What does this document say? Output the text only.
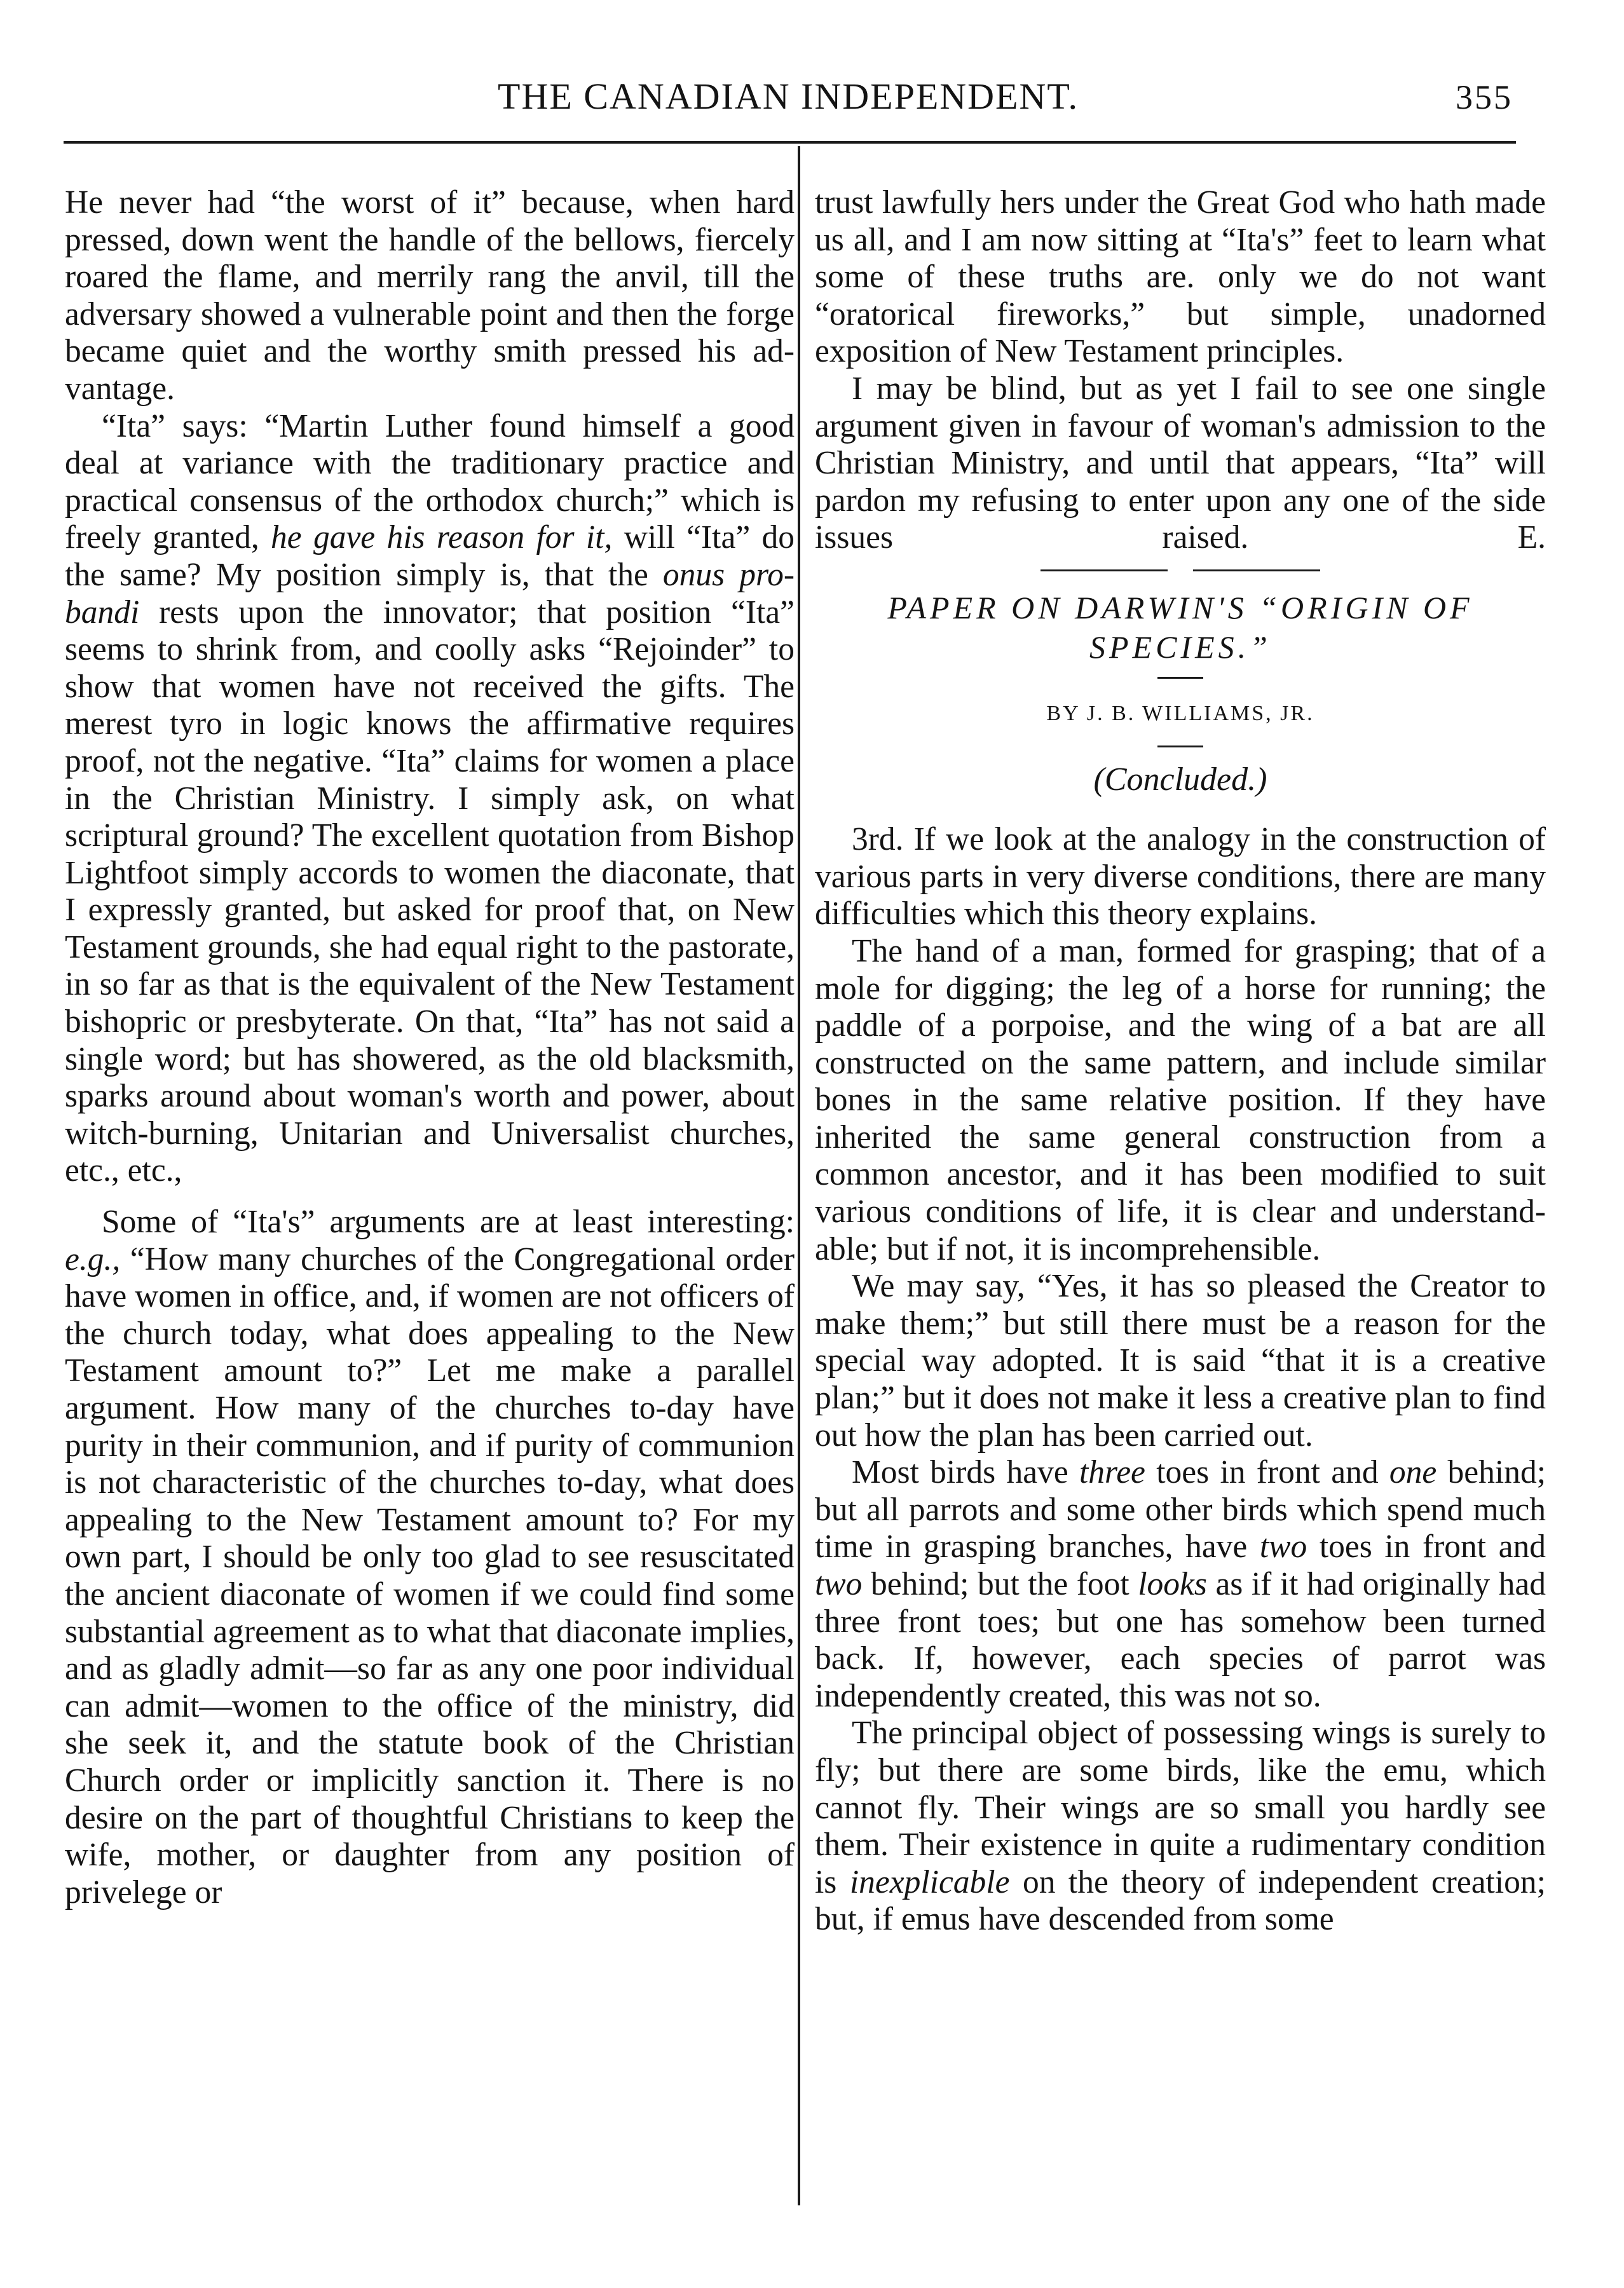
THE CANADIAN INDEPENDENT.	355

He never had “the worst of it” because, when hard pressed, down went the handle of the bellows, fiercely roared the flame, and merrily rang the anvil, till the adversary showed a vulnerable point and then the forge became quiet and the worthy smith pressed his advantage.

“Ita” says: “Martin Luther found himself a good deal at variance with the traditionary practice and practical consensus of the orthodox church;” which is freely granted, he gave his reason for it, will “Ita” do the same? My position simply is, that the onus probandi rests upon the innovator; that position “Ita” seems to shrink from, and coolly asks “Rejoinder” to show that women have not received the gifts. The merest tyro in logic knows the affirmative requires proof, not the negative. “Ita” claims for women a place in the Christian Ministry. I simply ask, on what scriptural ground? The excellent quotation from Bishop Lightfoot simply accords to women the diaconate, that I expressly granted, but asked for proof that, on New Testament grounds, she had equal right to the pastorate, in so far as that is the equivalent of the New Testament bishopric or presbyterate. On that, “Ita” has not said a single word; but has showered, as the old blacksmith, sparks around about woman's worth and power, about witch-burning, Unitarian and Universalist churches, etc., etc.,

Some of “Ita's” arguments are at least interesting: e.g., “How many churches of the Congregational order have women in office, and, if women are not officers of the church today, what does appealing to the New Testament amount to?” Let me make a parallel argument. How many of the churches to-day have purity in their communion, and if purity of communion is not characteristic of the churches to-day, what does appealing to the New Testament amount to? For my own part, I should be only too glad to see resuscitated the ancient diaconate of women if we could find some substantial agreement as to what that diaconate implies, and as gladly admit—so far as any one poor individual can admit—women to the office of the ministry, did she seek it, and the statute book of the Christian Church order or implicitly sanction it. There is no desire on the part of thoughtful Christians to keep the wife, mother, or daughter from any position of privelege or

trust lawfully hers under the Great God who hath made us all, and I am now sitting at “Ita's” feet to learn what some of these truths are. only we do not want “oratorical fireworks,” but simple, unadorned exposition of New Testament principles.

I may be blind, but as yet I fail to see one single argument given in favour of woman's admission to the Christian Ministry, and until that appears, “Ita” will pardon my refusing to enter upon any one of the side issues raised.	E.

PAPER ON DARWIN'S “ORIGIN OF
SPECIES.”
BY J. B. WILLIAMS, JR.
(Concluded.)

3rd. If we look at the analogy in the construction of various parts in very diverse conditions, there are many difficulties which this theory explains.

The hand of a man, formed for grasping; that of a mole for digging; the leg of a horse for running; the paddle of a porpoise, and the wing of a bat are all constructed on the same pattern, and include similar bones in the same relative position. If they have inherited the same general construction from a common ancestor, and it has been modified to suit various conditions of life, it is clear and understandable; but if not, it is incomprehensible.

We may say, “Yes, it has so pleased the Creator to make them;” but still there must be a reason for the special way adopted. It is said “that it is a creative plan;” but it does not make it less a creative plan to find out how the plan has been carried out.

Most birds have three toes in front and one behind; but all parrots and some other birds which spend much time in grasping branches, have two toes in front and two behind; but the foot looks as if it had originally had three front toes; but one has somehow been turned back. If, however, each species of parrot was independently created, this was not so.

The principal object of possessing wings is surely to fly; but there are some birds, like the emu, which cannot fly. Their wings are so small you hardly see them. Their existence in quite a rudimentary condition is inexplicable on the theory of independent creation; but, if emus have descended from some
